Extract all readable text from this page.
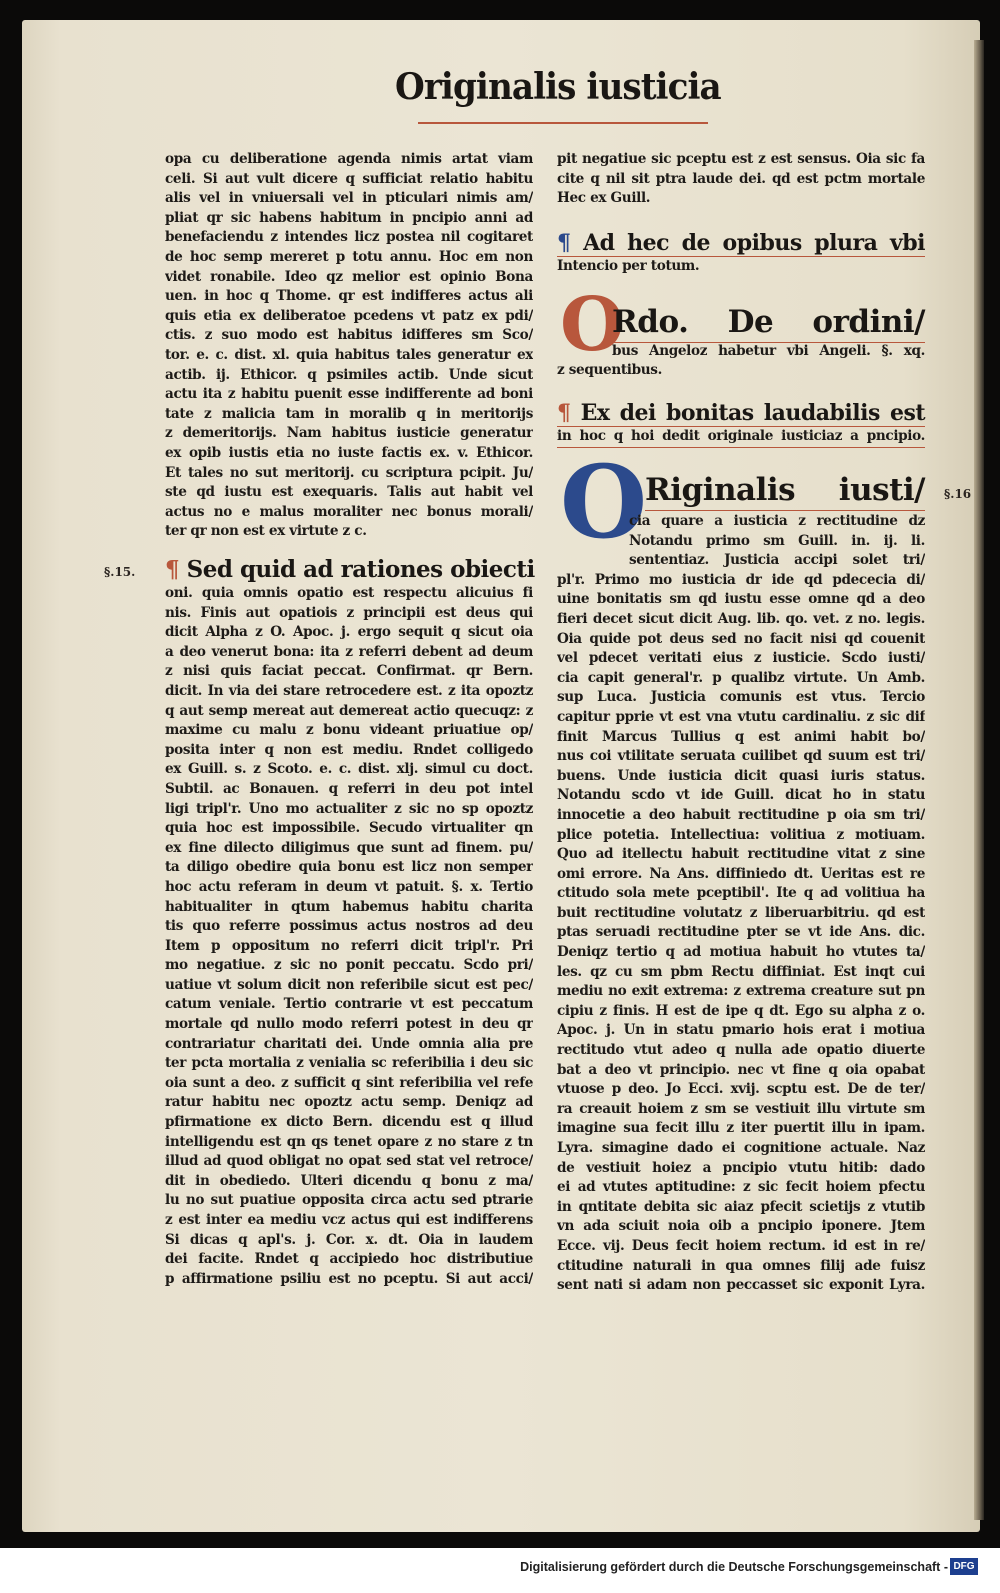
Originalis iusticia
opa cu deliberatione agenda nimis artat viam
celi. Si aut vult dicere q sufficiat relatio habitu
alis vel in vniuersali vel in pticulari nimis am/
pliat qr sic habens habitum in pncipio anni ad
benefaciendu z intendes licz postea nil cogitaret
de hoc semp mereret p totu annu. Hoc em non
videt ronabile. Ideo qz melior est opinio Bona
uen. in hoc q Thome. qr est indifferes actus ali
quis etia ex deliberatoe pcedens vt patz ex pdi/
ctis. z suo modo est habitus idifferes sm Sco/
tor. e. c. dist. xl. quia habitus tales generatur ex
actib. ij. Ethicor. q psimiles actib. Unde sicut
actu ita z habitu puenit esse indifferente ad boni
tate z malicia tam in moralib q in meritorijs
z demeritorijs. Nam habitus iusticie generatur
ex opib iustis etia no iuste factis ex. v. Ethicor.
Et tales no sut meritorij. cu scriptura pcipit. Ju/
ste qd iustu est exequaris. Talis aut habit vel
actus no e malus moraliter nec bonus morali/
ter qr non est ex virtute z c.
§.15. ¶ Sed quid ad rationes obiecti
oni. quia omnis opatio est respectu alicuius fi
nis. Finis aut opatiois z principii est deus qui
dicit Alpha z O. Apoc. j. ergo sequit q sicut oia
a deo venerut bona: ita z referri debent ad deum
z nisi quis faciat peccat. Confirmat. qr Bern.
dicit. In via dei stare retrocedere est. z ita opoztz
q aut semp mereat aut demereat actio quecuqz: z
maxime cu malu z bonu videant priuatiue op/
posita inter q non est mediu. Rndet colligedo
ex Guill. s. z Scoto. e. c. dist. xlj. simul cu doct.
Subtil. ac Bonauen. q referri in deu pot intel
ligi tripl'r. Uno mo actualiter z sic no sp opoztz
quia hoc est impossibile. Secudo virtualiter qn
ex fine dilecto diligimus que sunt ad finem. pu/
ta diligo obedire quia bonu est licz non semper
hoc actu referam in deum vt patuit. §. x. Tertio
habitualiter in qtum habemus habitu charita
tis quo referre possimus actus nostros ad deu
Item p oppositum no referri dicit tripl'r. Pri
mo negatiue. z sic no ponit peccatu. Scdo pri/
uatiue vt solum dicit non referibile sicut est pec/
catum veniale. Tertio contrarie vt est peccatum
mortale qd nullo modo referri potest in deu qr
contrariatur charitati dei. Unde omnia alia pre
ter pcta mortalia z venialia sc referibilia i deu sic
oia sunt a deo. z sufficit q sint referibilia vel refe
ratur habitu nec opoztz actu semp. Deniqz ad
pfirmatione ex dicto Bern. dicendu est q illud
intelligendu est qn qs tenet opare z no stare z tn
illud ad quod obligat no opat sed stat vel retroce/
dit in obediedo. Ulteri dicendu q bonu z ma/
lu no sut puatiue opposita circa actu sed ptrarie
z est inter ea mediu vcz actus qui est indifferens
Si dicas q apl's. j. Cor. x. dt. Oia in laudem
dei facite. Rndet q accipiedo hoc distributiue
p affirmatione psiliu est no pceptu. Si aut acci/
pit negatiue sic pceptu est z est sensus. Oia sic fa
cite q nil sit ptra laude dei. qd est pctm mortale
Hec ex Guill.
¶ Ad hec de opibus plura vbi
Intencio per totum.
O
Rdo. De ordini/
bus Angeloz habetur vbi Angeli. §. xq.
z sequentibus.
¶ Ex dei bonitas laudabilis est
in hoc q hoi dedit originale iusticiaz a pncipio.
O
Riginalis iusti/ §.16
cia quare a iusticia z rectitudine dz
Notandu primo sm Guill. in. ij. li.
sententiaz. Justicia accipi solet tri/
pl'r. Primo mo iusticia dr ide qd pdececia di/
uine bonitatis sm qd iustu esse omne qd a deo
fieri decet sicut dicit Aug. lib. qo. vet. z no. legis.
Oia quide pot deus sed no facit nisi qd couenit
vel pdecet veritati eius z iusticie. Scdo iusti/
cia capit general'r. p qualibz virtute. Un Amb.
sup Luca. Justicia comunis est vtus. Tercio
capitur pprie vt est vna vtutu cardinaliu. z sic dif
finit Marcus Tullius q est animi habit bo/
nus coi vtilitate seruata cuilibet qd suum est tri/
buens. Unde iusticia dicit quasi iuris status.
Notandu scdo vt ide Guill. dicat ho in statu
innocetie a deo habuit rectitudine p oia sm tri/
plice potetia. Intellectiua: volitiua z motiuam.
Quo ad itellectu habuit rectitudine vitat z sine
omi errore. Na Ans. diffiniedo dt. Ueritas est re
ctitudo sola mete pceptibil'. Ite q ad volitiua ha
buit rectitudine volutatz z liberuarbitriu. qd est
ptas seruadi rectitudine pter se vt ide Ans. dic.
Deniqz tertio q ad motiua habuit ho vtutes ta/
les. qz cu sm pbm Rectu diffiniat. Est inqt cui
mediu no exit extrema: z extrema creature sut pn
cipiu z finis. H est de ipe q dt. Ego su alpha z o.
Apoc. j. Un in statu pmario hois erat i motiua
rectitudo vtut adeo q nulla ade opatio diuerte
bat a deo vt principio. nec vt fine q oia opabat
vtuose p deo. Jo Ecci. xvij. scptu est. De de ter/
ra creauit hoiem z sm se vestiuit illu virtute sm
imagine sua fecit illu z iter puertit illu in ipam.
Lyra. simagine dado ei cognitione actuale. Naz
de vestiuit hoiez a pncipio vtutu hitib: dado
ei ad vtutes aptitudine: z sic fecit hoiem pfectu
in qntitate debita sic aiaz pfecit scietijs z vtutib
vn ada sciuit noia oib a pncipio iponere. Jtem
Ecce. vij. Deus fecit hoiem rectum. id est in re/
ctitudine naturali in qua omnes filij ade fuisz
sent nati si adam non peccasset sic exponit Lyra.
Digitalisierung gefördert durch die Deutsche Forschungsgemeinschaft - DFG
